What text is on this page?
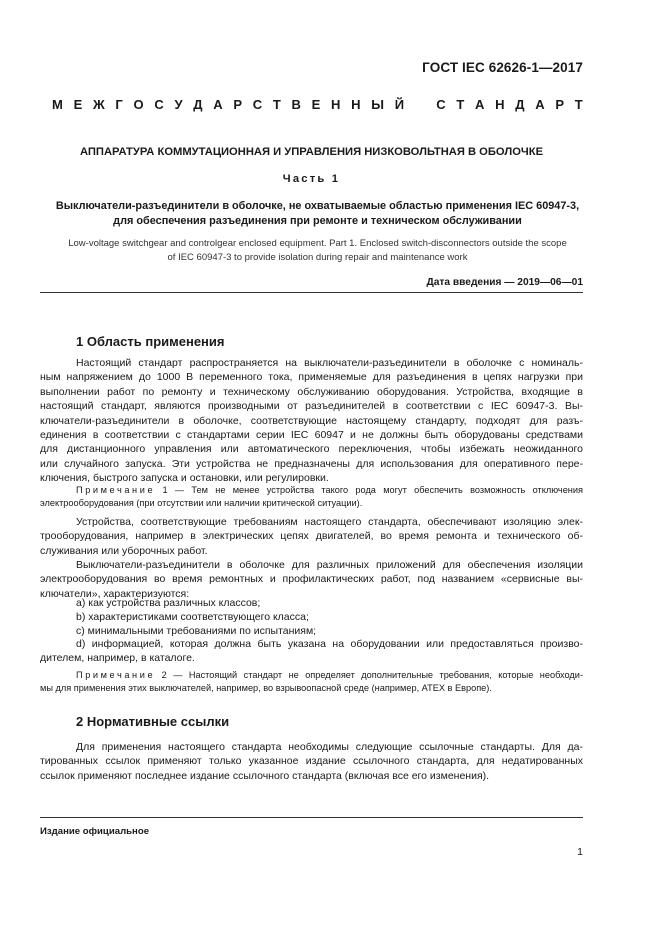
ГОСТ IEC 62626-1—2017
М Е Ж Г О С У Д А Р С Т В Е Н Н Ы Й С Т А Н Д А Р Т
АППАРАТУРА КОММУТАЦИОННАЯ И УПРАВЛЕНИЯ НИЗКОВОЛЬТНАЯ В ОБОЛОЧКЕ
Часть 1
Выключатели-разъединители в оболочке, не охватываемые областью применения IEC 60947-3,
для обеспечения разъединения при ремонте и техническом обслуживании
Low-voltage switchgear and controlgear enclosed equipment. Part 1. Enclosed switch-disconnectors outside the scope
of IEC 60947-3 to provide isolation during repair and maintenance work
Дата введения — 2019—06—01
1 Область применения
Настоящий стандарт распространяется на выключатели-разъединители в оболочке с номиналь-
ным напряжением до 1000 В переменного тока, применяемые для разъединения в цепях нагрузки при
выполнении работ по ремонту и техническому обслуживанию оборудования. Устройства, входящие в
настоящий стандарт, являются производными от разъединителей в соответствии с IEC 60947-3. Вы-
ключатели-разъединители в оболочке, соответствующие настоящему стандарту, подходят для разъ-
единения в соответствии с стандартами серии IEC 60947 и не должны быть оборудованы средствами
для дистанционного управления или автоматического переключения, чтобы избежать неожиданного
или случайного запуска. Эти устройства не предназначены для использования для оперативного пере-
ключения, быстрого запуска и остановки, или регулировки.
Примечание 1 — Тем не менее устройства такого рода могут обеспечить возможность отключения
электрооборудования (при отсутствии или наличии критической ситуации).
Устройства, соответствующие требованиям настоящего стандарта, обеспечивают изоляцию элек-
трооборудования, например в электрических цепях двигателей, во время ремонта и технического об-
служивания или уборочных работ.
Выключатели-разъединители в оболочке для различных приложений для обеспечения изоляции
электрооборудования во время ремонтных и профилактических работ, под названием «сервисные вы-
ключатели», характеризуются:
a) как устройства различных классов;
b) характеристиками соответствующего класса;
c) минимальными требованиями по испытаниям;
d) информацией, которая должна быть указана на оборудовании или предоставляться произво-
дителем, например, в каталоге.
Примечание 2 — Настоящий стандарт не определяет дополнительные требования, которые необходи-
мы для применения этих выключателей, например, во взрывоопасной среде (например, ATEX в Европе).
2 Нормативные ссылки
Для применения настоящего стандарта необходимы следующие ссылочные стандарты. Для да-
тированных ссылок применяют только указанное издание ссылочного стандарта, для недатированных
ссылок применяют последнее издание ссылочного стандарта (включая все его изменения).
Издание официальное
1
